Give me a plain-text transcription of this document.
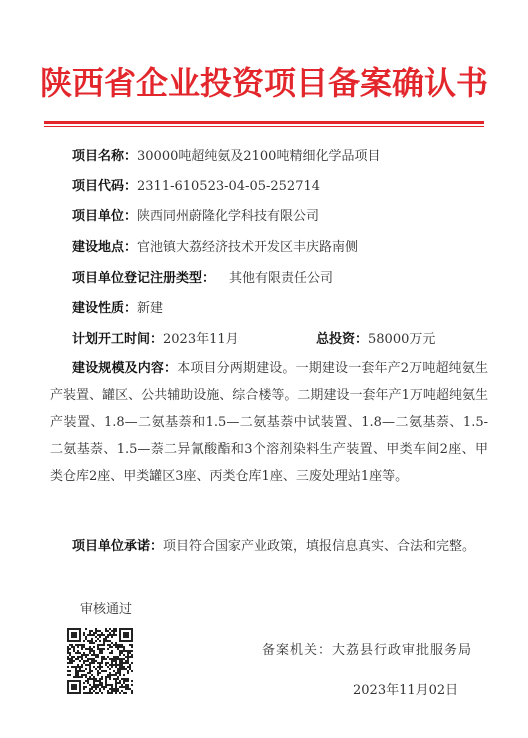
陕西省企业投资项目备案确认书
项目名称：30000吨超纯氨及2100吨精细化学品项目
项目代码：2311-610523-04-05-252714
项目单位：陕西同州蔚隆化学科技有限公司
建设地点：官池镇大荔经济技术开发区丰庆路南侧
项目单位登记注册类型： 其他有限责任公司
建设性质：新建
计划开工时间：2023年11月	总投资：58000万元
建设规模及内容：本项目分两期建设。一期建设一套年产2万吨超纯氨生产装置、罐区、公共辅助设施、综合楼等。二期建设一套年产1万吨超纯氨生产装置、1.8—二氨基萘和1.5—二氨基萘中试装置、1.8—二氨基萘、1.5-二氨基萘、1.5—萘二异氰酸酯和3个溶剂染料生产装置、甲类车间2座、甲类仓库2座、甲类罐区3座、丙类仓库1座、三废处理站1座等。
项目单位承诺：项目符合国家产业政策，填报信息真实、合法和完整。
审核通过
备案机关：大荔县行政审批服务局
2023年11月02日
